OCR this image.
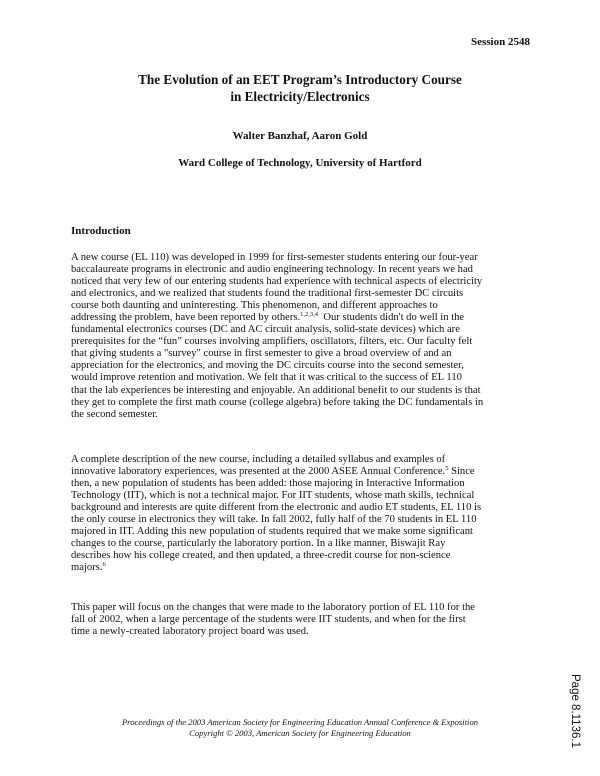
Session 2548
The Evolution of an EET Program’s Introductory Course
in Electricity/Electronics
Walter Banzhaf, Aaron Gold
Ward College of Technology, University of Hartford
Introduction
A new course (EL 110) was developed in 1999 for first-semester students entering our four-year
baccalaureate programs in electronic and audio engineering technology. In recent years we had
noticed that very few of our entering students had experience with technical aspects of electricity
and electronics, and we realized that students found the traditional first-semester DC circuits
course both daunting and uninteresting. This phenomenon, and different approaches to
addressing the problem, have been reported by others.$^{1,2,3,4}$  Our students didn't do well in the
fundamental electronics courses (DC and AC circuit analysis, solid-state devices) which are
prerequisites for the “fun” courses involving amplifiers, oscillators, filters, etc. Our faculty felt
that giving students a "survey" course in first semester to give a broad overview of and an
appreciation for the electronics, and moving the DC circuits course into the second semester,
would improve retention and motivation. We felt that it was critical to the success of EL 110
that the lab experiences be interesting and enjoyable. An additional benefit to our students is that
they get to complete the first math course (college algebra) before taking the DC fundamentals in
the second semester.
A complete description of the new course, including a detailed syllabus and examples of
innovative laboratory experiences, was presented at the 2000 ASEE Annual Conference.$^5$ Since
then, a new population of students has been added: those majoring in Interactive Information
Technology (IIT), which is not a technical major. For IIT students, whose math skills, technical
background and interests are quite different from the electronic and audio ET students, EL 110 is
the only course in electronics they will take. In fall 2002, fully half of the 70 students in EL 110
majored in IIT. Adding this new population of students required that we make some significant
changes to the course, particularly the laboratory portion. In a like manner, Biswajit Ray
describes how his college created, and then updated, a three-credit course for non-science
majors.$^6$
This paper will focus on the changes that were made to the laboratory portion of EL 110 for the
fall of 2002, when a large percentage of the students were IIT students, and when for the first
time a newly-created laboratory project board was used.
Proceedings of the 2003 American Society for Engineering Education Annual Conference & Exposition
Copyright © 2003, American Society for Engineering Education	Page 8.1136.1
